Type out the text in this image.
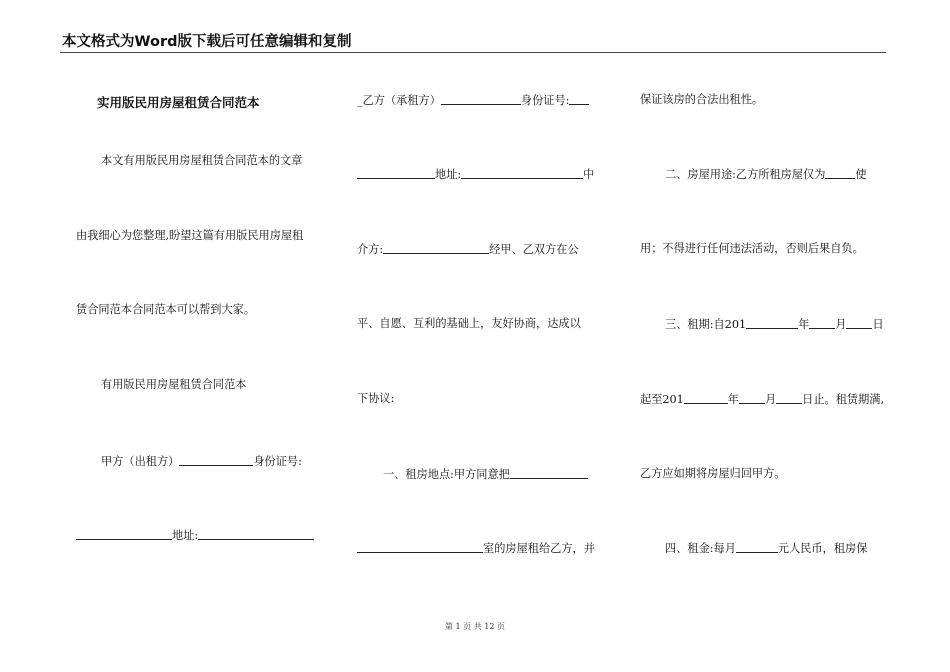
本文格式为Word版下载后可任意编辑和复制
实用版民用房屋租赁合同范本
本文有用版民用房屋租赁合同范本的文章
由我细心为您整理,盼望这篇有用版民用房屋租
赁合同范本合同范本可以帮到大家。
有用版民用房屋租赁合同范本
甲方（出租方）	身份证号:
地址:
_乙方（承租方）	身份证号:
地址:	中
介方:	经甲、乙双方在公
平、自愿、互利的基础上，友好协商，达成以
下协议:
一、租房地点:甲方同意把
室的房屋租给乙方，并
保证该房的合法出租性。
二、房屋用途:乙方所租房屋仅为	使
用；不得进行任何违法活动，否则后果自负。
三、租期:自201	年 月 日
起至201	年 月 日止。租赁期满,
乙方应如期将房屋归回甲方。
四、租金:每月	元人民币，租房保
第 1 页 共 12 页
